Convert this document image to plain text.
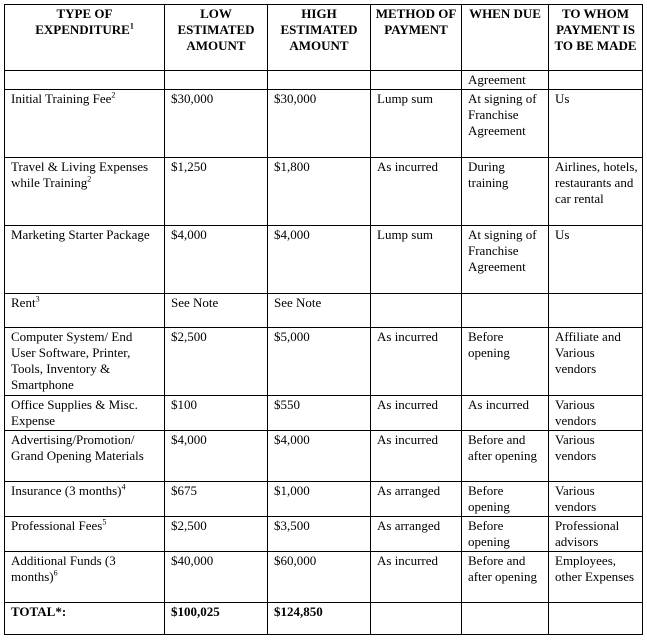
TYPE OF EXPENDITURE$^1$	LOW ESTIMATED AMOUNT	HIGH ESTIMATED AMOUNT	METHOD OF PAYMENT	WHEN DUE	TO WHOM PAYMENT IS TO BE MADE
				Agreement	
Initial Training Fee$^2$	$30,000	$30,000	Lump sum	At signing of Franchise Agreement	Us
Travel & Living Expenses while Training$^2$	$1,250	$1,800	As incurred	During training	Airlines, hotels, restaurants and car rental
Marketing Starter Package	$4,000	$4,000	Lump sum	At signing of Franchise Agreement	Us
Rent$^3$	See Note	See Note			
Computer System/ End User Software, Printer, Tools, Inventory & Smartphone	$2,500	$5,000	As incurred	Before opening	Affiliate and Various vendors
Office Supplies & Misc. Expense	$100	$550	As incurred	As incurred	Various vendors
Advertising/Promotion/ Grand Opening Materials	$4,000	$4,000	As incurred	Before and after opening	Various vendors
Insurance (3 months)$^4$	$675	$1,000	As arranged	Before opening	Various vendors
Professional Fees$^5$	$2,500	$3,500	As arranged	Before opening	Professional advisors
Additional Funds (3 months)$^6$	$40,000	$60,000	As incurred	Before and after opening	Employees, other Expenses
TOTAL*:	$100,025	$124,850			
